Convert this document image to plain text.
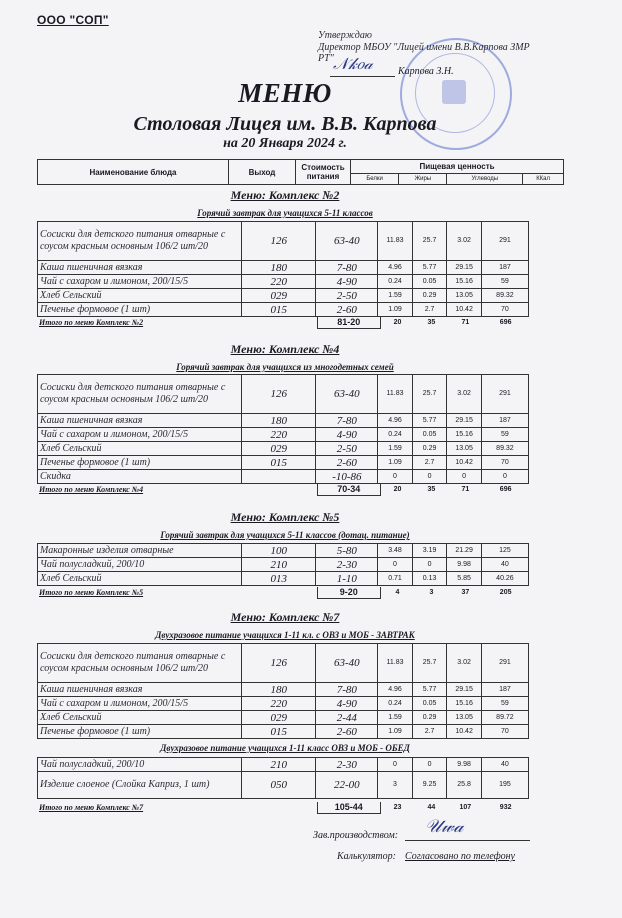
ООО "СОП"
Утверждаю
Директор МБОУ "Лицей имени В.В.Карпова ЗМР
РТ" 𝒩𝓀𝑜𝒶	Карпова З.Н.
МЕНЮ
Столовая Лицея им. В.В. Карпова
на 20 Января 2024 г.
Наименование блюда	Выход	Стоимость питания	Пищевая ценность			
			Белки	Жиры	Углеводы	ККал
Меню: Комплекс №2
Горячий завтрак для учащихся 5-11 классов
Сосиски для детского питания отварные с соусом красным основным 106/2 шт/20	126	63-40	11.83	25.7	3.02	291
Каша пшеничная вязкая	180	7-80	4.96	5.77	29.15	187
Чай с сахаром и лимоном, 200/15/5	220	4-90	0.24	0.05	15.16	59
Хлеб Сельский	029	2-50	1.59	0.29	13.05	89.32
Печенье формовое (1 шт)	015	2-60	1.09	2.7	10.42	70
Итого по меню Комплекс №2	81-20	20	35	71	696
Меню: Комплекс №4
Горячий завтрак для учащихся из многодетных семей
Сосиски для детского питания отварные с соусом красным основным 106/2 шт/20	126	63-40	11.83	25.7	3.02	291
Каша пшеничная вязкая	180	7-80	4.96	5.77	29.15	187
Чай с сахаром и лимоном, 200/15/5	220	4-90	0.24	0.05	15.16	59
Хлеб Сельский	029	2-50	1.59	0.29	13.05	89.32
Печенье формовое (1 шт)	015	2-60	1.09	2.7	10.42	70
Скидка		-10-86	0	0	0	0
Итого по меню Комплекс №4	70-34	20	35	71	696
Меню: Комплекс №5
Горячий завтрак для учащихся 5-11 классов (дотац. питание)
Макаронные изделия отварные	100	5-80	3.48	3.19	21.29	125
Чай полусладкий, 200/10	210	2-30	0	0	9.98	40
Хлеб Сельский	013	1-10	0.71	0.13	5.85	40.26
Итого по меню Комплекс №5	9-20	4	3	37	205
Меню: Комплекс №7
Двухразовое питание учащихся 1-11 кл. с ОВЗ и МОБ - ЗАВТРАК
Сосиски для детского питания отварные с соусом красным основным 106/2 шт/20	126	63-40	11.83	25.7	3.02	291
Каша пшеничная вязкая	180	7-80	4.96	5.77	29.15	187
Чай с сахаром и лимоном, 200/15/5	220	4-90	0.24	0.05	15.16	59
Хлеб Сельский	029	2-44	1.59	0.29	13.05	89.72
Печенье формовое (1 шт)	015	2-60	1.09	2.7	10.42	70
Двухразовое питание учащихся 1-11 класс ОВЗ и МОБ - ОБЕД
Чай полусладкий, 200/10	210	2-30	0	0	9.98	40
Изделие слоеное (Слойка Каприз, 1 шт)	050	22-00	3	9.25	25.8	195
Итого по меню Комплекс №7	105-44	23	44	107	932
Зав.производством: 𝒰𝓌𝒶
Калькулятор: Согласовано по телефону
